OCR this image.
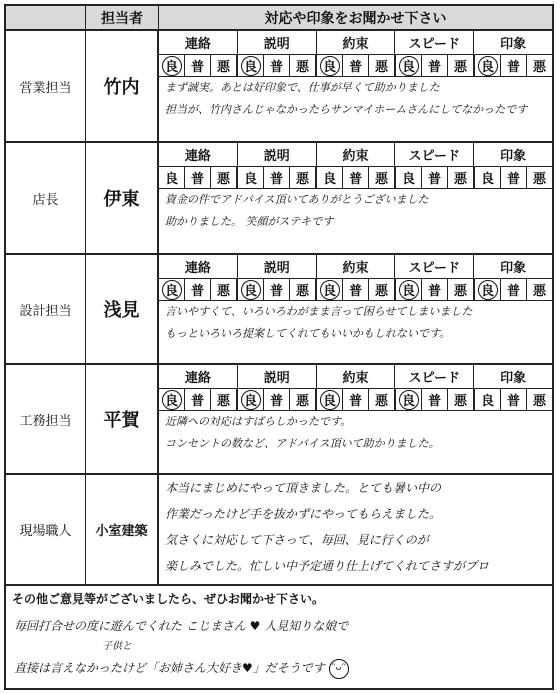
担当者	対応や印象をお聞かせ下さい
営業担当	竹内
連絡	説明	約束	スピード	印象
良 普 悪	良 普 悪	良 普 悪	良 普 悪	良 普 悪
まず誠実。あとは好印象で、仕事が早くて助かりました
担当が、竹内さんじゃなかったらサンマイホームさんにしてなかったです
店長	伊東
連絡	説明	約束	スピード	印象
良 普 悪	良 普 悪	良 普 悪	良 普 悪	良 普 悪
資金の件でアドバイス頂いてありがとうございました
助かりました。 笑顔がステキです
設計担当	浅見
連絡	説明	約束	スピード	印象
良 普 悪	良 普 悪	良 普 悪	良 普 悪	良 普 悪
言いやすくて、いろいろわがまま言って困らせてしまいました
もっといろいろ提案してくれてもいいかもしれないです。
工務担当	平賀
連絡	説明	約束	スピード	印象
良 普 悪	良 普 悪	良 普 悪	良 普 悪	良 普 悪
近隣への対応はすばらしかったです。
コンセントの数など、アドバイス頂いて助かりました。
現場職人	小室建築
本当にまじめにやって頂きました。とても暑い中の
作業だったけど手を抜かずにやってもらえました。
気さくに対応して下さって、毎回、見に行くのが
楽しみでした。忙しい中予定通り仕上げてくれてさすがプロ
その他ご意見等がございましたら、ぜひお聞かせ下さい。
毎回打合せの度に遊んでくれた こじまさん ♥ 人見知りな娘で
子供と
直接は言えなかったけど「お姉さん大好き♥」だそうです ᵔᴗᵔ
